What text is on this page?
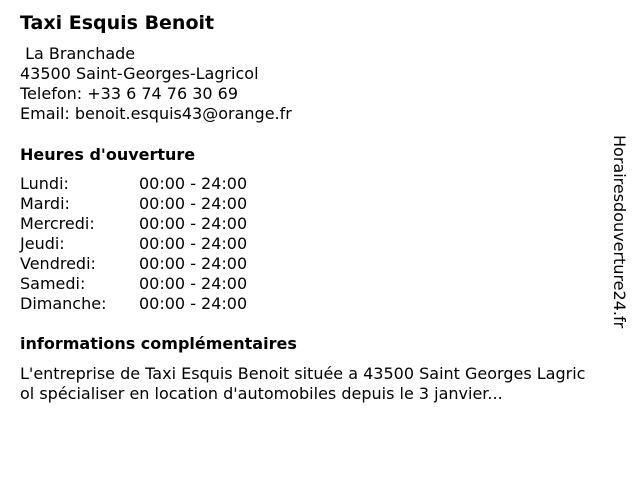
Taxi Esquis Benoit
La Branchade
43500 Saint-Georges-Lagricol
Telefon: +33 6 74 76 30 69
Email: benoit.esquis43@orange.fr
Heures d'ouverture
Lundi:	00:00 - 24:00
Mardi:	00:00 - 24:00
Mercredi:	00:00 - 24:00
Jeudi:	00:00 - 24:00
Vendredi:	00:00 - 24:00
Samedi:	00:00 - 24:00
Dimanche: 00:00 - 24:00
informations complémentaires
L'entreprise de Taxi Esquis Benoit située a 43500 Saint Georges Lagricol spécialiser en location d'automobiles depuis le 3 janvier...
Horairesdouverture24.fr
